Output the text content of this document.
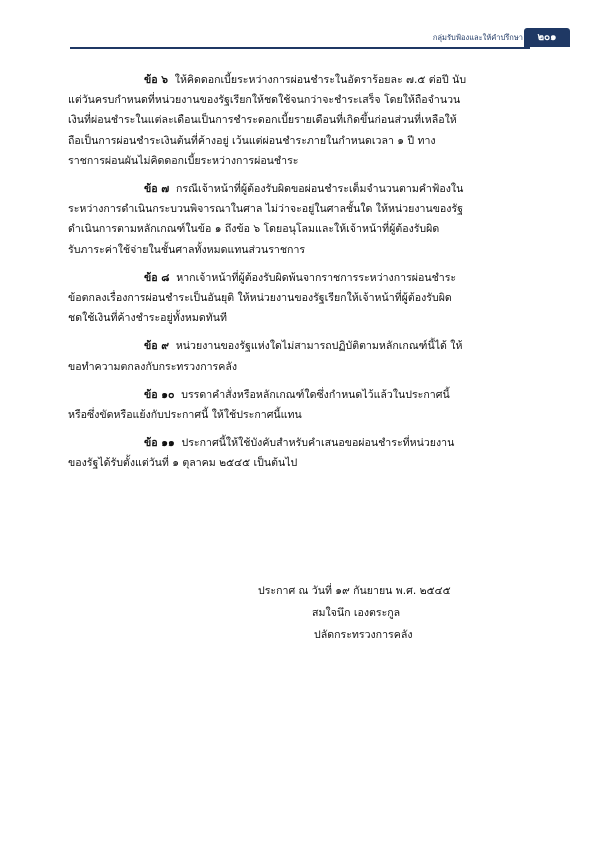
กลุ่มรับฟ้องและให้คำปรึกษา	๒๐๑
ข้อ ๖ ให้คิดดอกเบี้ยระหว่างการผ่อนชำระในอัตราร้อยละ ๗.๕ ต่อปี นับ
แต่วันครบกำหนดที่หน่วยงานของรัฐเรียกให้ชดใช้จนกว่าจะชำระเสร็จ โดยให้ถือจำนวน
เงินที่ผ่อนชำระในแต่ละเดือนเป็นการชำระดอกเบี้ยรายเดือนที่เกิดขึ้นก่อนส่วนที่เหลือให้
ถือเป็นการผ่อนชำระเงินต้นที่ค้างอยู่ เว้นแต่ผ่อนชำระภายในกำหนดเวลา ๑ ปี ทาง
ราชการผ่อนผันไม่คิดดอกเบี้ยระหว่างการผ่อนชำระ
ข้อ ๗ กรณีเจ้าหน้าที่ผู้ต้องรับผิดขอผ่อนชำระเต็มจำนวนตามคำฟ้องใน
ระหว่างการดำเนินกระบวนพิจารณาในศาล ไม่ว่าจะอยู่ในศาลชั้นใด ให้หน่วยงานของรัฐ
ดำเนินการตามหลักเกณฑ์ในข้อ ๑ ถึงข้อ ๖ โดยอนุโลมและให้เจ้าหน้าที่ผู้ต้องรับผิด
รับภาระค่าใช้จ่ายในชั้นศาลทั้งหมดแทนส่วนราชการ
ข้อ ๘ หากเจ้าหน้าที่ผู้ต้องรับผิดพ้นจากราชการระหว่างการผ่อนชำระ
ข้อตกลงเรื่องการผ่อนชำระเป็นอันยุติ ให้หน่วยงานของรัฐเรียกให้เจ้าหน้าที่ผู้ต้องรับผิด
ชดใช้เงินที่ค้างชำระอยู่ทั้งหมดทันที
ข้อ ๙ หน่วยงานของรัฐแห่งใดไม่สามารถปฏิบัติตามหลักเกณฑ์นี้ได้ ให้
ขอทำความตกลงกับกระทรวงการคลัง
ข้อ ๑๐ บรรดาคำสั่งหรือหลักเกณฑ์ใดซึ่งกำหนดไว้แล้วในประกาศนี้
หรือซึ่งขัดหรือแย้งกับประกาศนี้ ให้ใช้ประกาศนี้แทน
ข้อ ๑๑ ประกาศนี้ให้ใช้บังคับสำหรับคำเสนอขอผ่อนชำระที่หน่วยงาน
ของรัฐได้รับตั้งแต่วันที่ ๑ ตุลาคม ๒๕๔๕ เป็นต้นไป
ประกาศ ณ วันที่ ๑๙ กันยายน พ.ศ. ๒๕๔๕
สมใจนึก เองตระกูล
ปลัดกระทรวงการคลัง
